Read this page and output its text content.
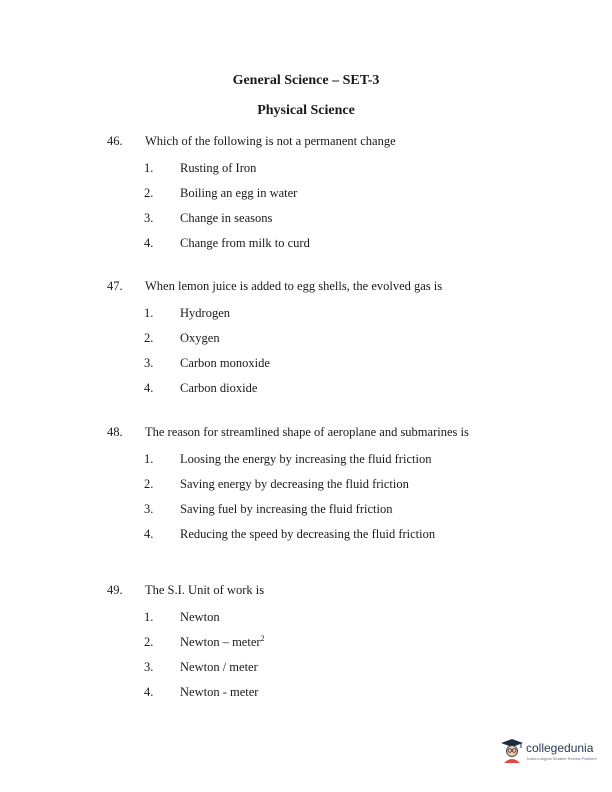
General Science – SET-3
Physical Science
46. Which of the following is not a permanent change
1. Rusting of Iron
2. Boiling an egg in water
3. Change in seasons
4. Change from milk to curd
47. When lemon juice is added to egg shells, the evolved gas is
1. Hydrogen
2. Oxygen
3. Carbon monoxide
4. Carbon dioxide
48. The reason for streamlined shape of aeroplane and submarines is
1. Loosing the energy by increasing the fluid friction
2. Saving energy by decreasing the fluid friction
3. Saving fuel by increasing the fluid friction
4. Reducing the speed by decreasing the fluid friction
49. The S.I. Unit of work is
1. Newton
2. Newton – meter$^2$
3. Newton / meter
4. Newton - meter
collegedunia
India's largest Student Review Platform
